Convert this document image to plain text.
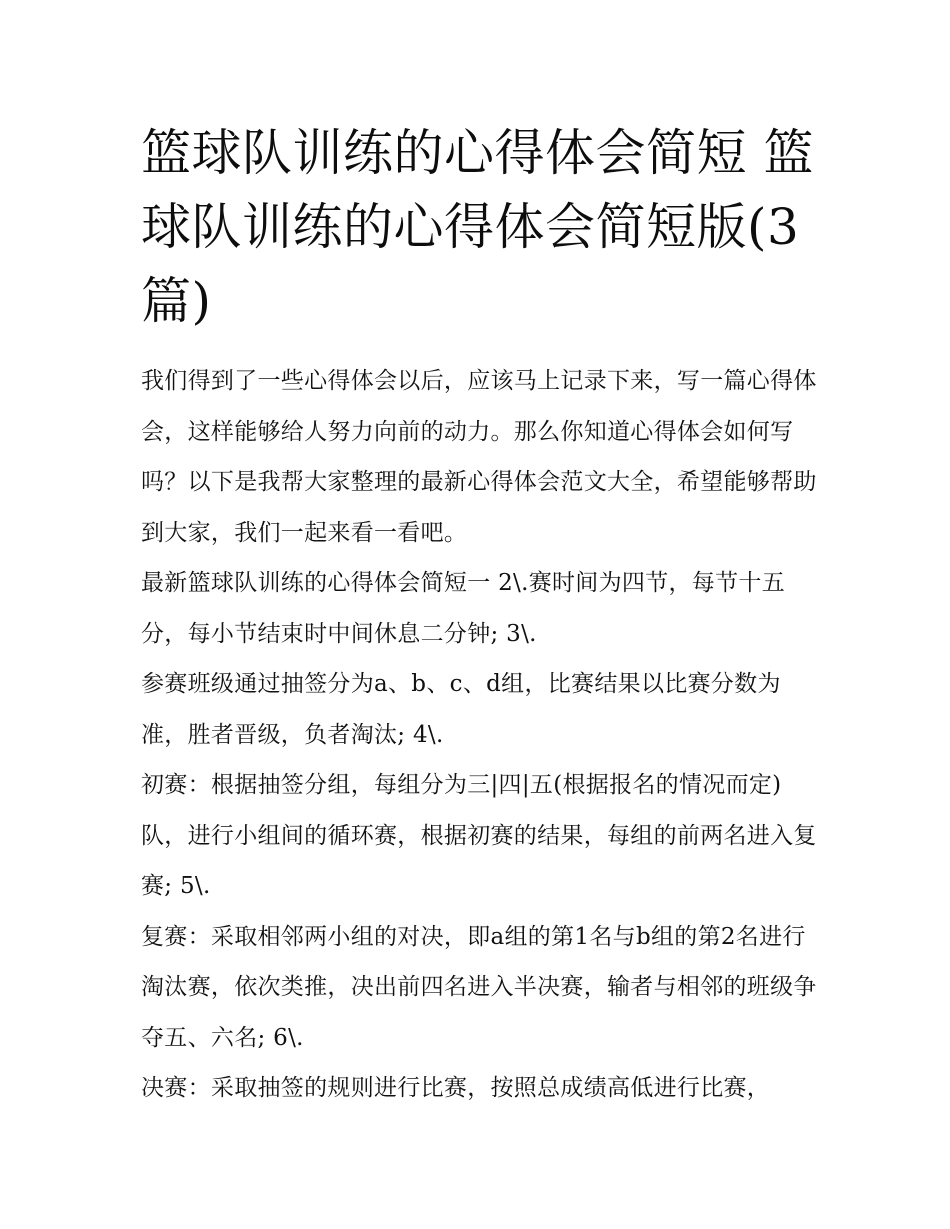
篮球队训练的心得体会简短 篮球队训练的心得体会简短版(3篇)

我们得到了一些心得体会以后，应该马上记录下来，写一篇心得体会，这样能够给人努力向前的动力。那么你知道心得体会如何写吗？以下是我帮大家整理的最新心得体会范文大全，希望能够帮助到大家，我们一起来看一看吧。

最新篮球队训练的心得体会简短一 2\.赛时间为四节，每节十五分，每小节结束时中间休息二分钟; 3\.

参赛班级通过抽签分为a、b、c、d组，比赛结果以比赛分数为准，胜者晋级，负者淘汰; 4\.

初赛：根据抽签分组，每组分为三|四|五(根据报名的情况而定)队，进行小组间的循环赛，根据初赛的结果，每组的前两名进入复赛; 5\.

复赛：采取相邻两小组的对决，即a组的第1名与b组的第2名进行淘汰赛，依次类推，决出前四名进入半决赛，输者与相邻的班级争夺五、六名; 6\.

决赛：采取抽签的规则进行比赛，按照总成绩高低进行比赛，
